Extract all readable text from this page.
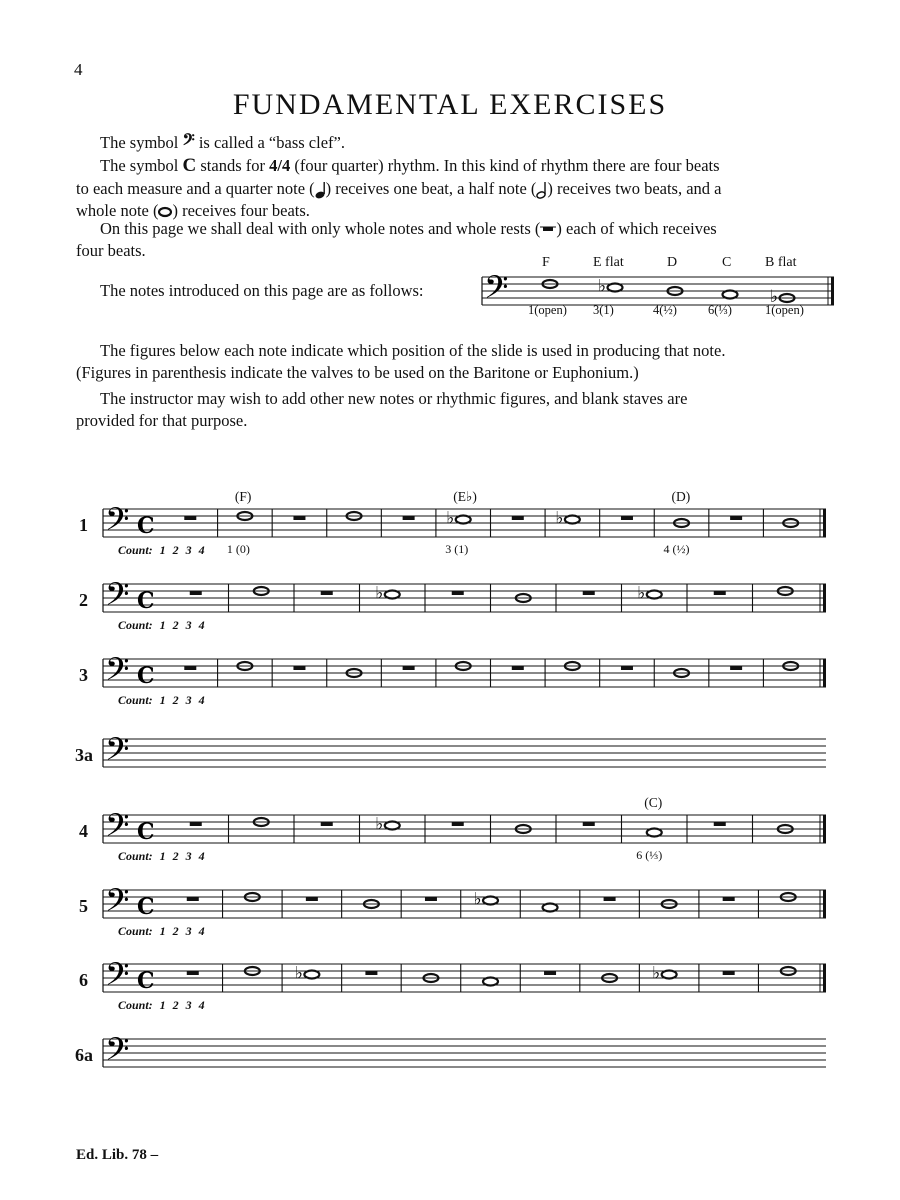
4
FUNDAMENTAL EXERCISES
The symbol 𝄢 is called a “bass clef”.
The symbol C stands for 4/4 (four quarter) rhythm. In this kind of rhythm there are four beats
to each measure and a quarter note ( ) receives one beat, a half note ( ) receives two beats, and a
whole note ( ) receives four beats.
On this page we shall deal with only whole notes and whole rests ( ) each of which receives
four beats.
The notes introduced on this page are as follows: 𝄢	♭
♭
F
1(open)
E flat
3(1)
D
4(½)
C
6(⅓)
B flat
1(open)
The figures below each note indicate which position of the slide is used in producing that note.
(Figures in parenthesis indicate the valves to be used on the Baritone or Euphonium.)
The instructor may wish to add other new notes or rhythmic figures, and blank staves are
provided for that purpose.
1 𝄢 C	♭	♭
Count: 1 2 3 4
(F)
1 (0)
(E♭)
3 (1)
(D)
4 (½)
2 𝄢 C	♭	♭
Count: 1 2 3 4
3 𝄢 C
Count: 1 2 3 4
3a 𝄢
4 𝄢 C	♭
Count: 1 2 3 4
(C)
6 (⅓)
5 𝄢 C	♭
Count: 1 2 3 4
6 𝄢 C	♭	♭
Count: 1 2 3 4
6a 𝄢
Ed. Lib. 78 –
